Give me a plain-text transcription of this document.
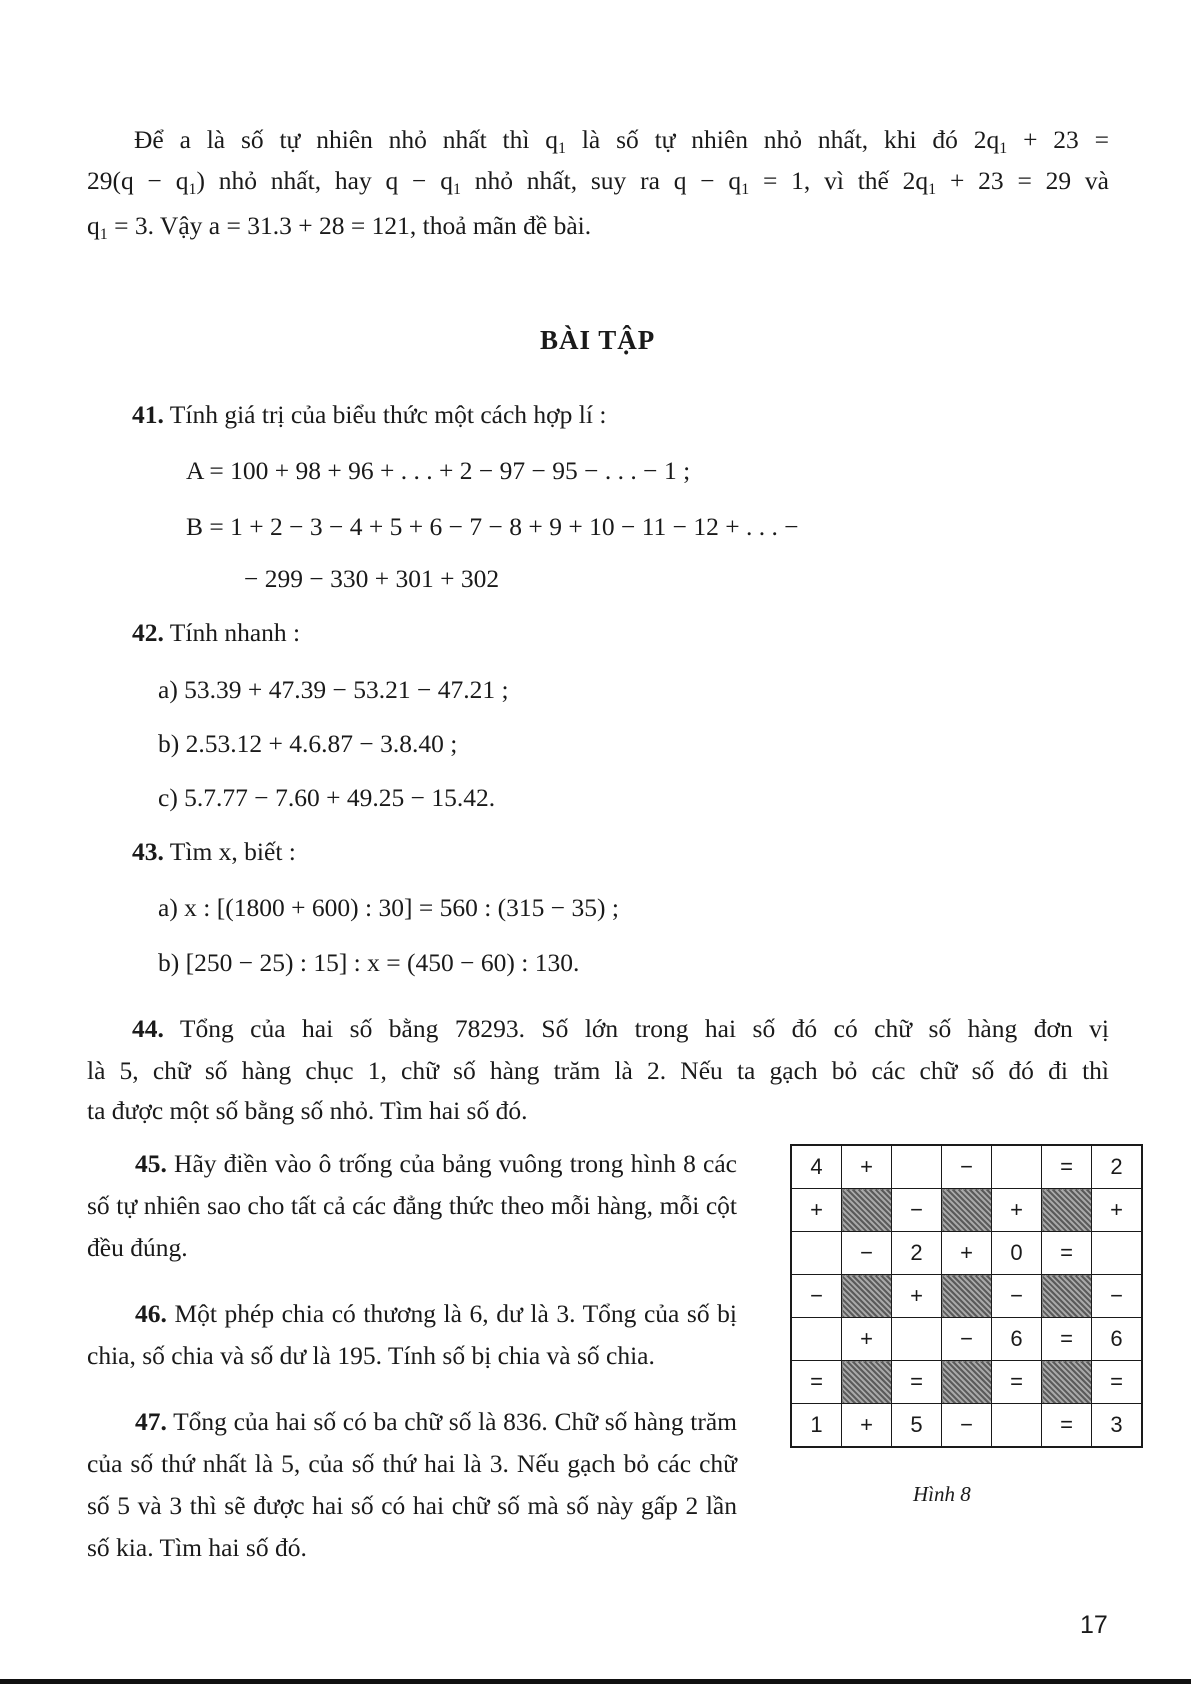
Để a là số tự nhiên nhỏ nhất thì $q_1$ là số tự nhiên nhỏ nhất, khi đó $2q_1 + 23$ =
$29(q - q_1)$ nhỏ nhất, hay $q - q_1$ nhỏ nhất, suy ra $q - q_1 = 1$, vì thế $2q_1 + 23 = 29$ và
$q_1 = 3$. Vậy a = 31.3 + 28 = 121, thoả mãn đề bài.
BÀI TẬP
41. Tính giá trị của biểu thức một cách hợp lí :
A = 100 + 98 + 96 + . . . + 2 − 97 − 95 − . . . − 1 ;
B = 1 + 2 − 3 − 4 + 5 + 6 − 7 − 8 + 9 + 10 − 11 − 12 + . . . −
− 299 − 330 + 301 + 302
42. Tính nhanh :
a) 53.39 + 47.39 − 53.21 − 47.21 ;
b) 2.53.12 + 4.6.87 − 3.8.40 ;
c) 5.7.77 − 7.60 + 49.25 − 15.42.
43. Tìm x, biết :
a) x : [(1800 + 600) : 30] = 560 : (315 − 35) ;
b) [250 − 25) : 15] : x = (450 − 60) : 130.
44. Tổng của hai số bằng 78293. Số lớn trong hai số đó có chữ số hàng đơn vị
là 5, chữ số hàng chục 1, chữ số hàng trăm là 2. Nếu ta gạch bỏ các chữ số đó đi thì
ta được một số bằng số nhỏ. Tìm hai số đó.

45. Hãy điền vào ô trống của bảng vuông trong hình 8 các số tự nhiên sao cho tất cả các đẳng thức theo mỗi hàng, mỗi cột đều đúng.

46. Một phép chia có thương là 6, dư là 3. Tổng của số bị chia, số chia và số dư là 195. Tính số bị chia và số chia.

47. Tổng của hai số có ba chữ số là 836. Chữ số hàng trăm của số thứ nhất là 5, của số thứ hai là 3. Nếu gạch bỏ các chữ số 5 và 3 thì sẽ được hai số có hai chữ số mà số này gấp 2 lần số kia. Tìm hai số đó.

4	+		−		=	2
+		−		+		+
	−	2	+	0	=	
−		+		−		−
	+		−	6	=	6
=		=		=		=
1	+	5	−		=	3
Hình 8
17
